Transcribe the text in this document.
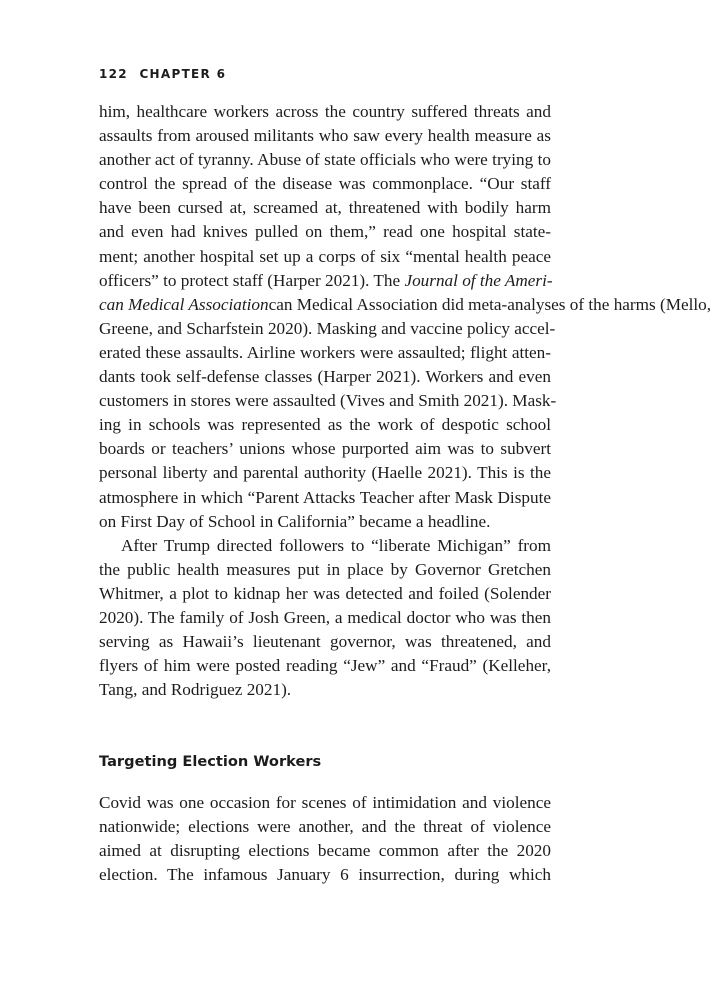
122 CHAPTER 6
him, healthcare workers across the country suffered threats and
assaults from aroused militants who saw every health measure as
another act of tyranny. Abuse of state officials who were trying to
control the spread of the disease was commonplace. “Our staff
have been cursed at, screamed at, threatened with bodily harm
and even had knives pulled on them,” read one hospital state-
ment; another hospital set up a corps of six “mental health peace
officers” to protect staff (Harper 2021). The Journal of the Ameri-
can Medical Associationcan Medical Association did meta-analyses of the harms (Mello,
Greene, and Scharfstein 2020). Masking and vaccine policy accel-
erated these assaults. Airline workers were assaulted; flight atten-
dants took self-defense classes (Harper 2021). Workers and even
customers in stores were assaulted (Vives and Smith 2021). Mask-
ing in schools was represented as the work of despotic school
boards or teachers’ unions whose purported aim was to subvert
personal liberty and parental authority (Haelle 2021). This is the
atmosphere in which “Parent Attacks Teacher after Mask Dispute
on First Day of School in California” became a headline.
After Trump directed followers to “liberate Michigan” from
the public health measures put in place by Governor Gretchen
Whitmer, a plot to kidnap her was detected and foiled (Solender
2020). The family of Josh Green, a medical doctor who was then
serving as Hawaii’s lieutenant governor, was threatened, and
flyers of him were posted reading “Jew” and “Fraud” (Kelleher,
Tang, and Rodriguez 2021).
Targeting Election Workers
Covid was one occasion for scenes of intimidation and violence
nationwide; elections were another, and the threat of violence
aimed at disrupting elections became common after the 2020
election. The infamous January 6 insurrection, during which
